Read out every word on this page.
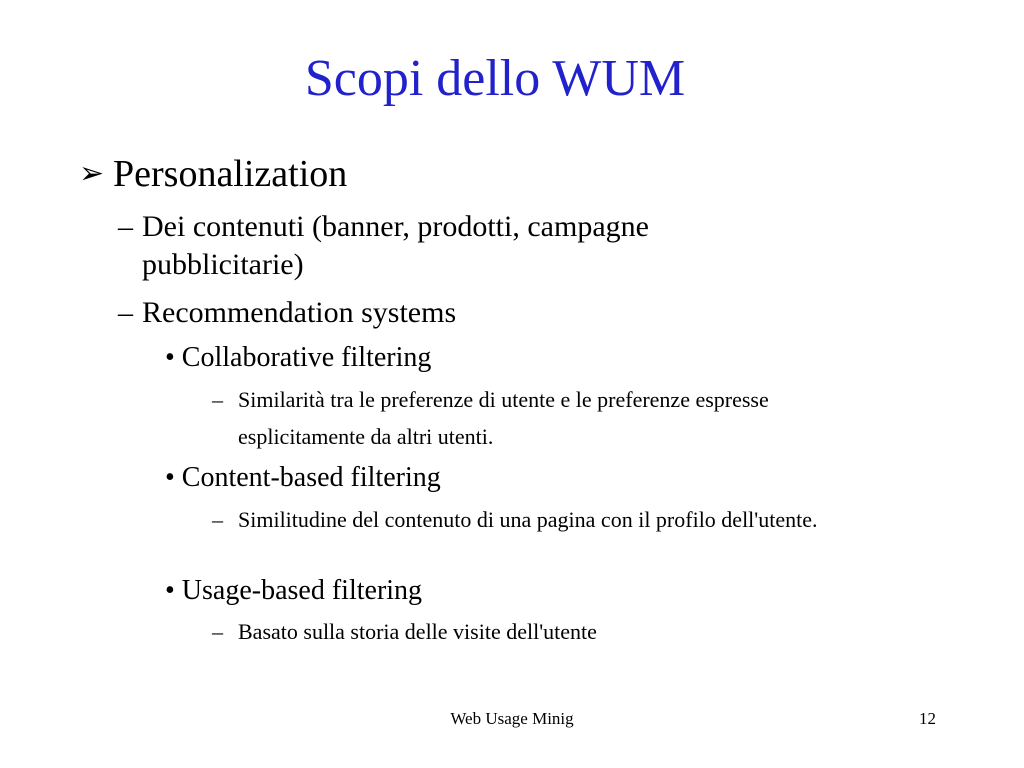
Scopi dello WUM
➢ Personalization
– Dei contenuti (banner, prodotti, campagne pubblicitarie)
– Recommendation systems
• Collaborative filtering
– Similarità tra le preferenze di utente e le preferenze espresse esplicitamente da altri utenti.
• Content-based filtering
– Similitudine del contenuto di una pagina con il profilo dell'utente.
• Usage-based filtering
– Basato sulla storia delle visite dell'utente
Web Usage Minig	12
